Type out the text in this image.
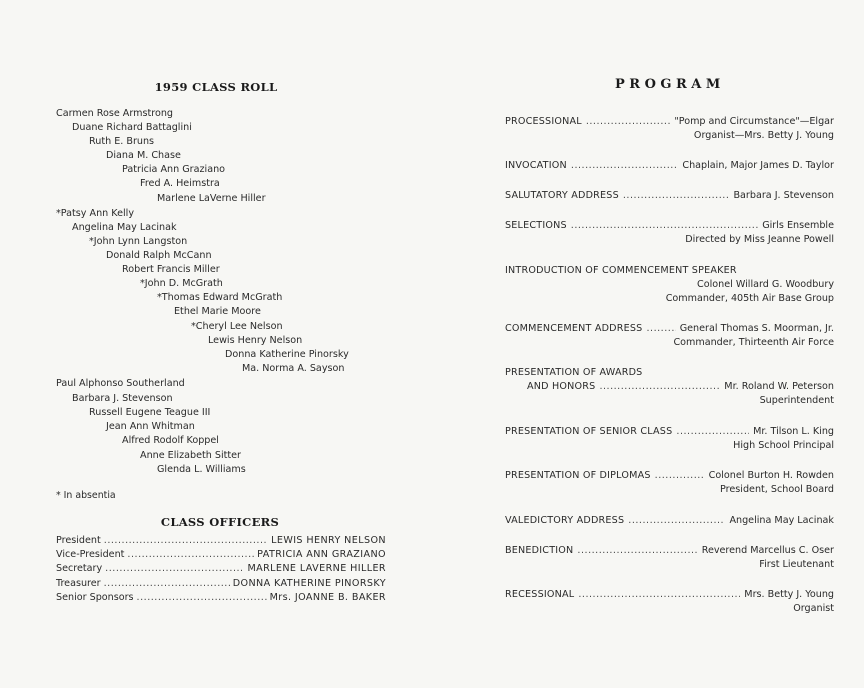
1959 CLASS ROLL
Carmen Rose Armstrong
Duane Richard Battaglini
Ruth E. Bruns
Diana M. Chase
Patricia Ann Graziano
Fred A. Heimstra
Marlene LaVerne Hiller
*Patsy Ann Kelly
Angelina May Lacinak
*John Lynn Langston
Donald Ralph McCann
Robert Francis Miller
*John D. McGrath
*Thomas Edward McGrath
Ethel Marie Moore
*Cheryl Lee Nelson
Lewis Henry Nelson
Donna Katherine Pinorsky
Ma. Norma A. Sayson
Paul Alphonso Southerland
Barbara J. Stevenson
Russell Eugene Teague III
Jean Ann Whitman
Alfred Rodolf Koppel
Anne Elizabeth Sitter
Glenda L. Williams
* In absentia
CLASS OFFICERS
President .....	LEWIS HENRY NELSON
Vice-President .....	PATRICIA ANN GRAZIANO
Secretary .....	MARLENE LAVERNE HILLER
Treasurer .....	DONNA KATHERINE PINORSKY
Senior Sponsors .....	Mrs. JOANNE B. BAKER
PROGRAM
PROCESSIONAL .....	"Pomp and Circumstance"—Elgar
Organist—Mrs. Betty J. Young
INVOCATION .....	Chaplain, Major James D. Taylor
SALUTATORY ADDRESS .....	Barbara J. Stevenson
SELECTIONS .....	Girls Ensemble
Directed by Miss Jeanne Powell
INTRODUCTION OF COMMENCEMENT SPEAKER
Colonel Willard G. Woodbury
Commander, 405th Air Base Group
COMMENCEMENT ADDRESS .....	General Thomas S. Moorman, Jr.
Commander, Thirteenth Air Force
PRESENTATION OF AWARDS
AND HONORS .....	Mr. Roland W. Peterson
Superintendent
PRESENTATION OF SENIOR CLASS .....	Mr. Tilson L. King
High School Principal
PRESENTATION OF DIPLOMAS .....	Colonel Burton H. Rowden
President, School Board
VALEDICTORY ADDRESS .....	Angelina May Lacinak
BENEDICTION .....	Reverend Marcellus C. Oser
First Lieutenant
RECESSIONAL .....	Mrs. Betty J. Young
Organist
